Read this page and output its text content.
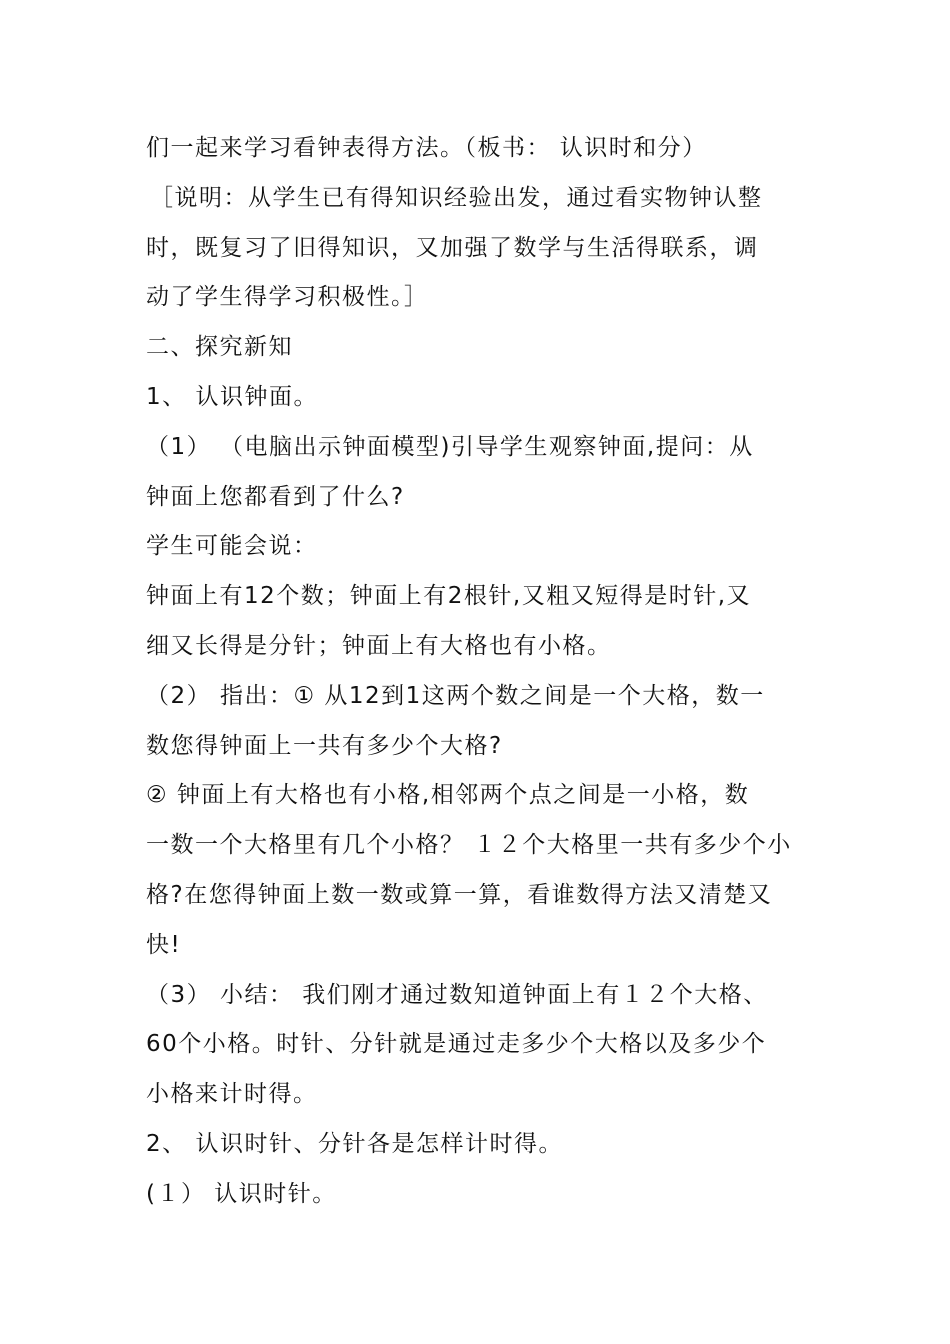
们一起来学习看钟表得方法。（板书： 认识时和分）
［说明：从学生已有得知识经验出发，通过看实物钟认整
时，既复习了旧得知识，又加强了数学与生活得联系，调
动了学生得学习积极性。］
二、探究新知
1、 认识钟面。
（1） （电脑出示钟面模型)引导学生观察钟面,提问：从
钟面上您都看到了什么?
学生可能会说：
钟面上有12个数；钟面上有2根针,又粗又短得是时针,又
细又长得是分针；钟面上有大格也有小格。
（2） 指出：① 从12到1这两个数之间是一个大格，数一
数您得钟面上一共有多少个大格?
② 钟面上有大格也有小格,相邻两个点之间是一小格，数
一数一个大格里有几个小格？ １２个大格里一共有多少个小
格?在您得钟面上数一数或算一算，看谁数得方法又清楚又
快!
（3） 小结： 我们刚才通过数知道钟面上有１２个大格、
60个小格。时针、分针就是通过走多少个大格以及多少个
小格来计时得。
2、 认识时针、分针各是怎样计时得。
(１） 认识时针。
